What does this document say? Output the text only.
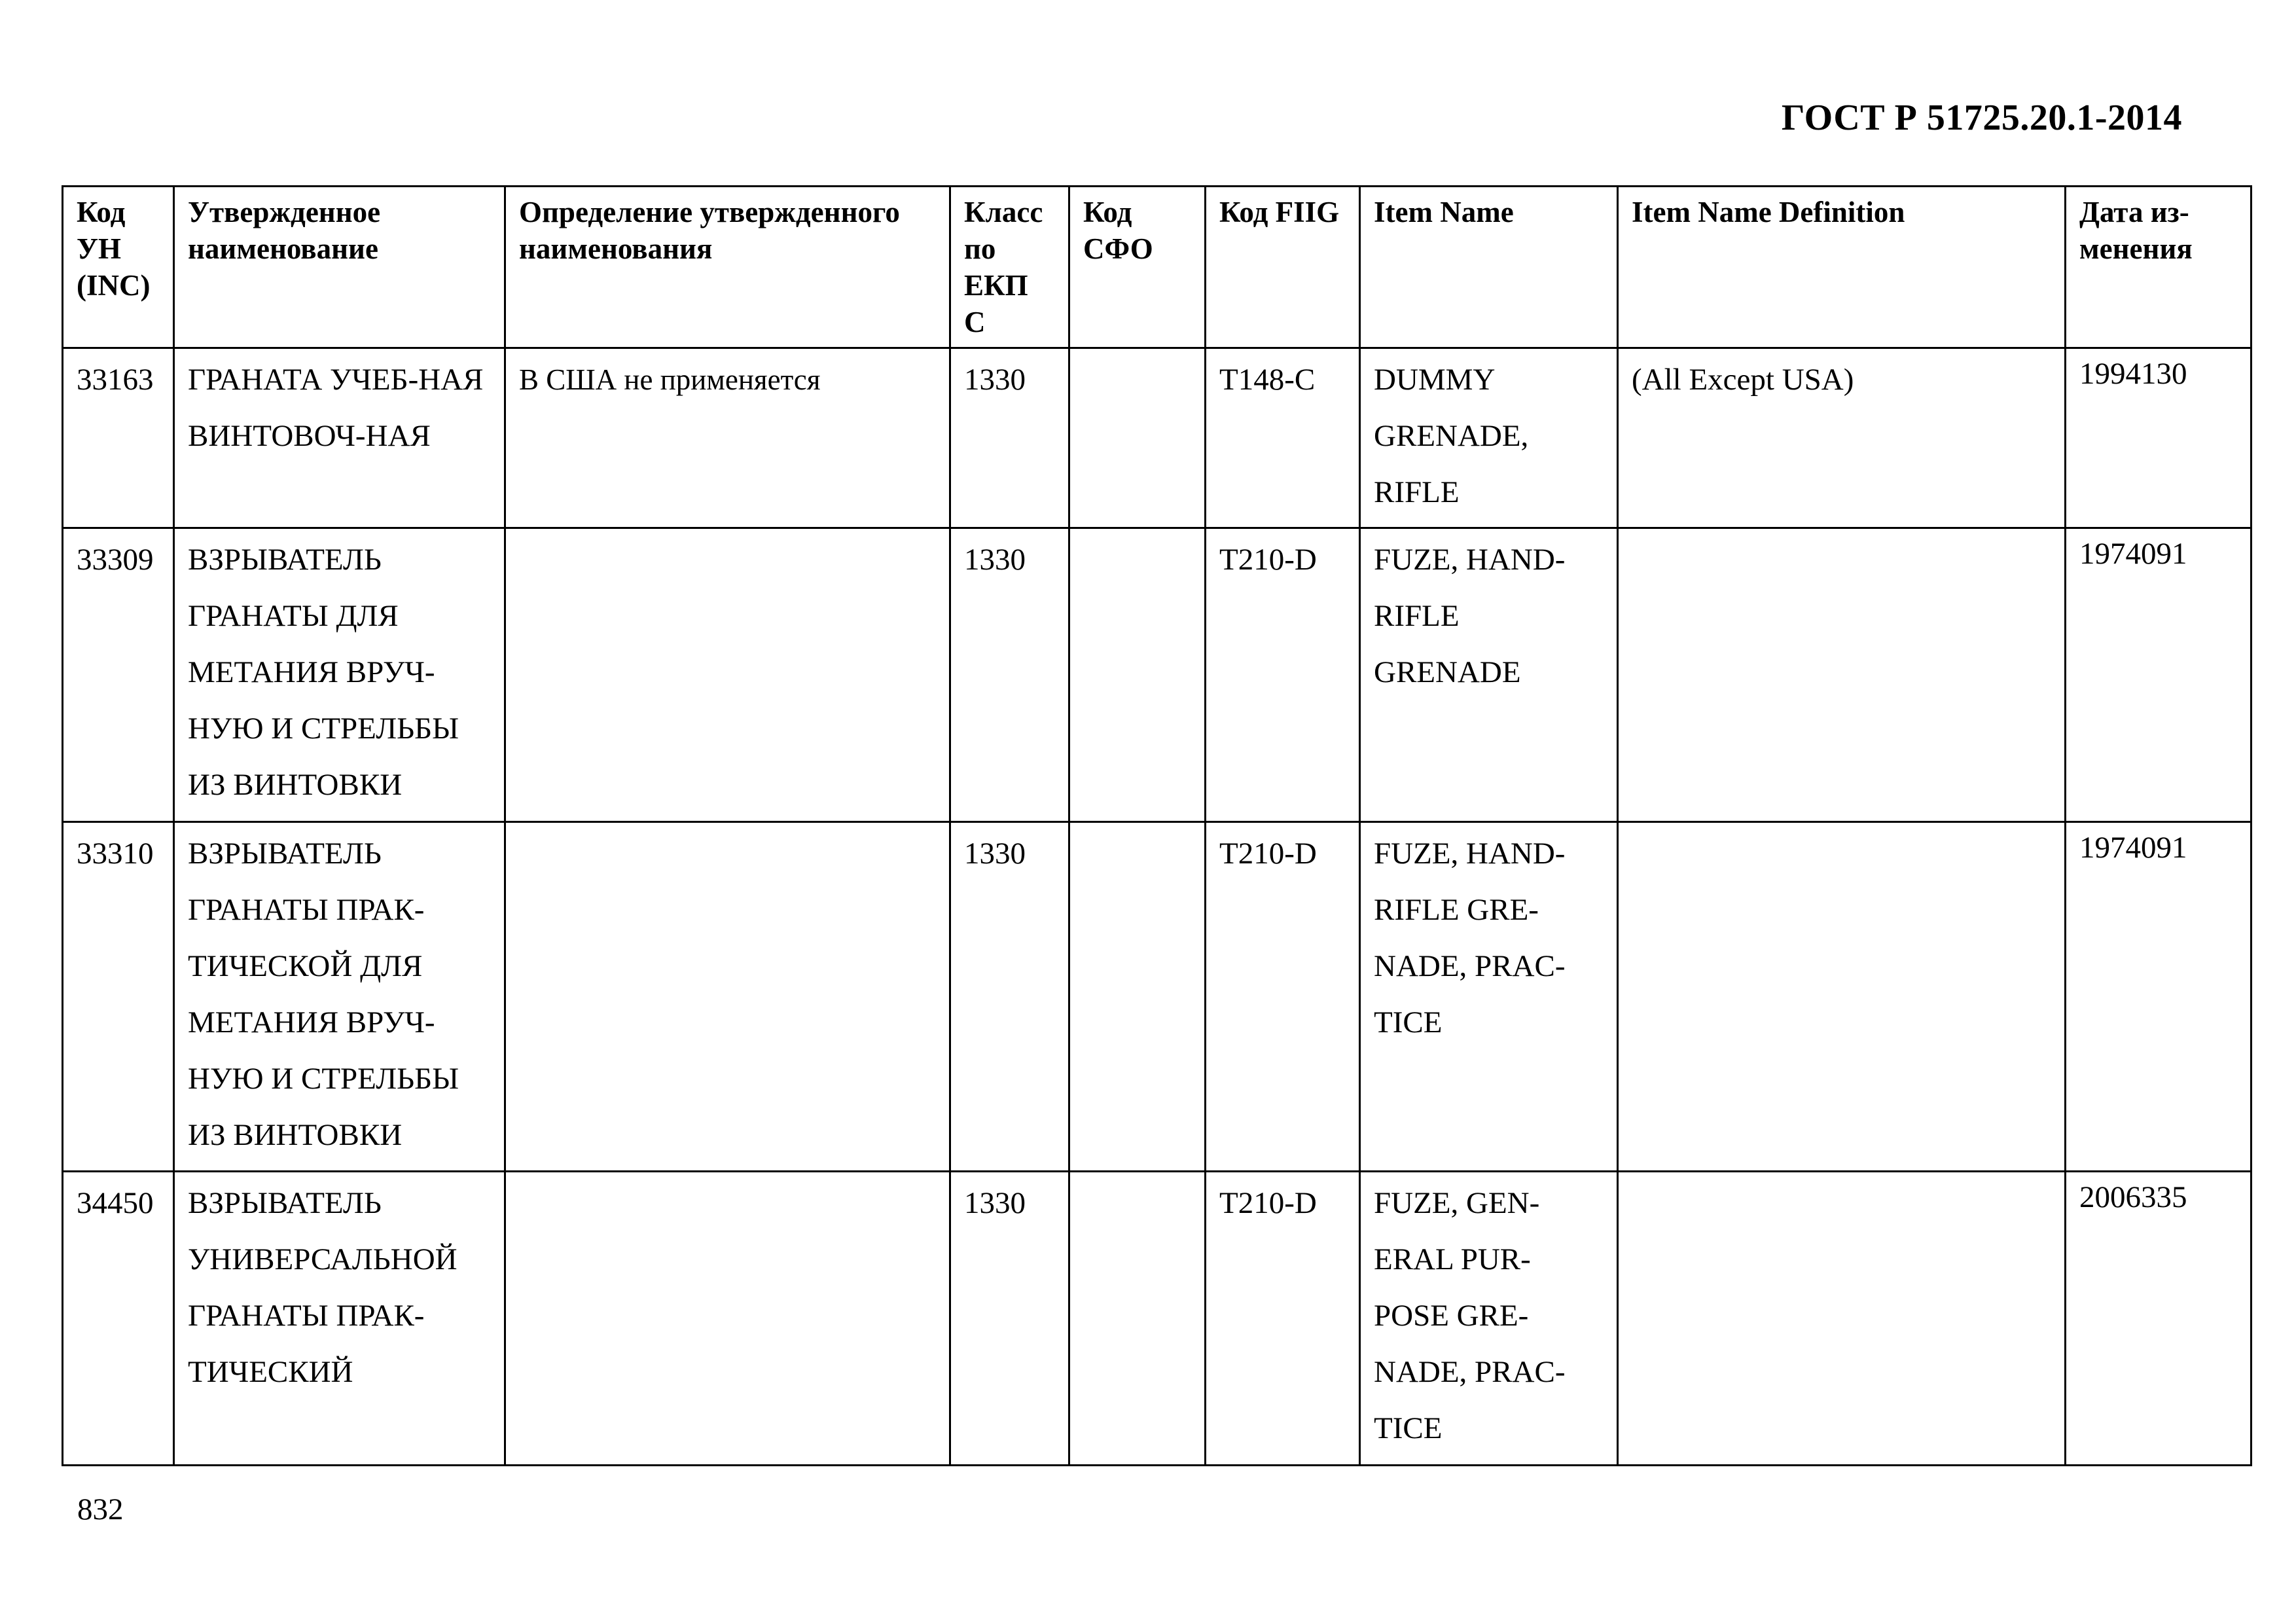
ГОСТ Р 51725.20.1-2014
Код УН (INC)	Утвержденное наименование	Определение утвержденного наименования	Класс по ЕКП С	Код СФО	Код FIIG	Item Name	Item Name Definition	Дата из-менения
33163	ГРАНАТА УЧЕБ-НАЯ ВИНТОВОЧ-НАЯ	В США не применяется	1330		T148-C	DUMMY GRENADE, RIFLE	(All Except USA)	1994130
33309	ВЗРЫВАТЕЛЬ ГРАНАТЫ ДЛЯ МЕТАНИЯ ВРУЧ-НУЮ И СТРЕЛЬБЫ ИЗ ВИНТОВКИ		1330		T210-D	FUZE, HAND-RIFLE GRENADE		1974091
33310	ВЗРЫВАТЕЛЬ ГРАНАТЫ ПРАК-ТИЧЕСКОЙ ДЛЯ МЕТАНИЯ ВРУЧ-НУЮ И СТРЕЛЬБЫ ИЗ ВИНТОВКИ		1330		T210-D	FUZE, HAND-RIFLE GRE-NADE, PRAC-TICE		1974091
34450	ВЗРЫВАТЕЛЬ УНИВЕРСАЛЬНОЙ ГРАНАТЫ ПРАК-ТИЧЕСКИЙ		1330		T210-D	FUZE, GEN-ERAL PUR-POSE GRE-NADE, PRAC-TICE		2006335
832
